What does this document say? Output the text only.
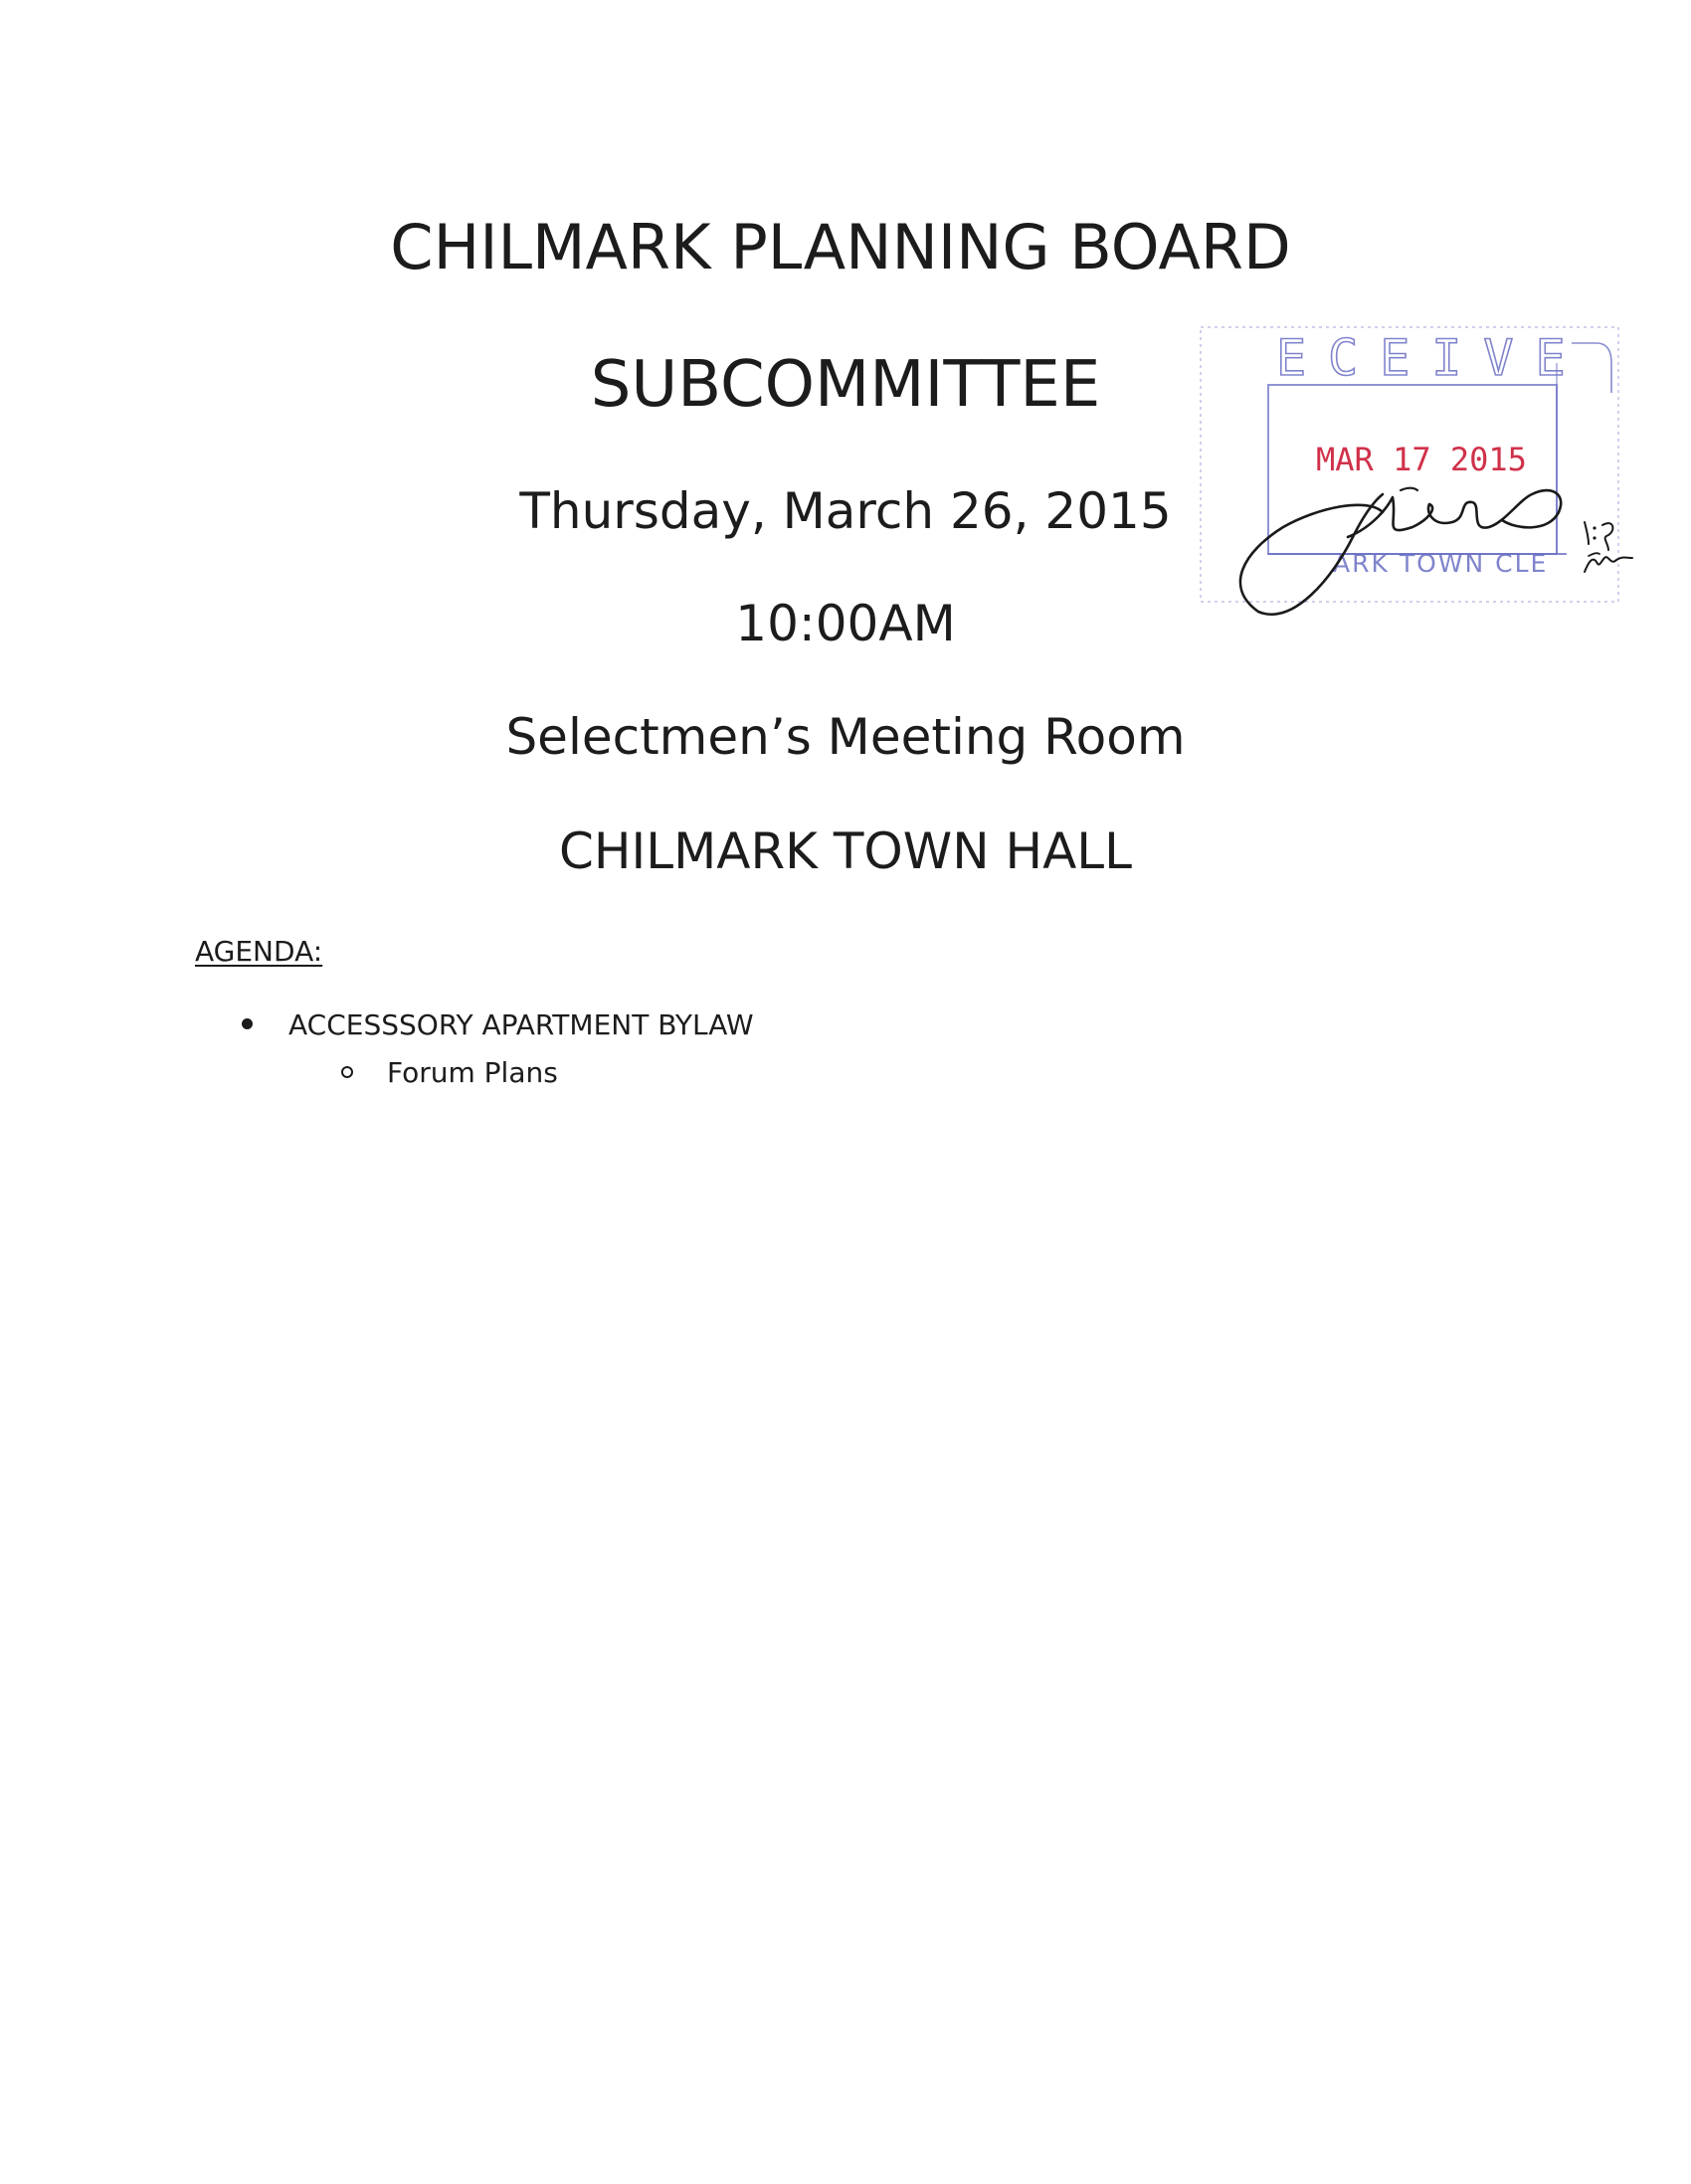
CHILMARK PLANNING BOARD
SUBCOMMITTEE
Thursday, March 26, 2015
10:00AM
Selectmen’s Meeting Room
CHILMARK TOWN HALL
AGENDA:
ACCESSSORY APARTMENT BYLAW
Forum Plans
ECEIVE
MAR 17 2015
ARK TOWN CLE
